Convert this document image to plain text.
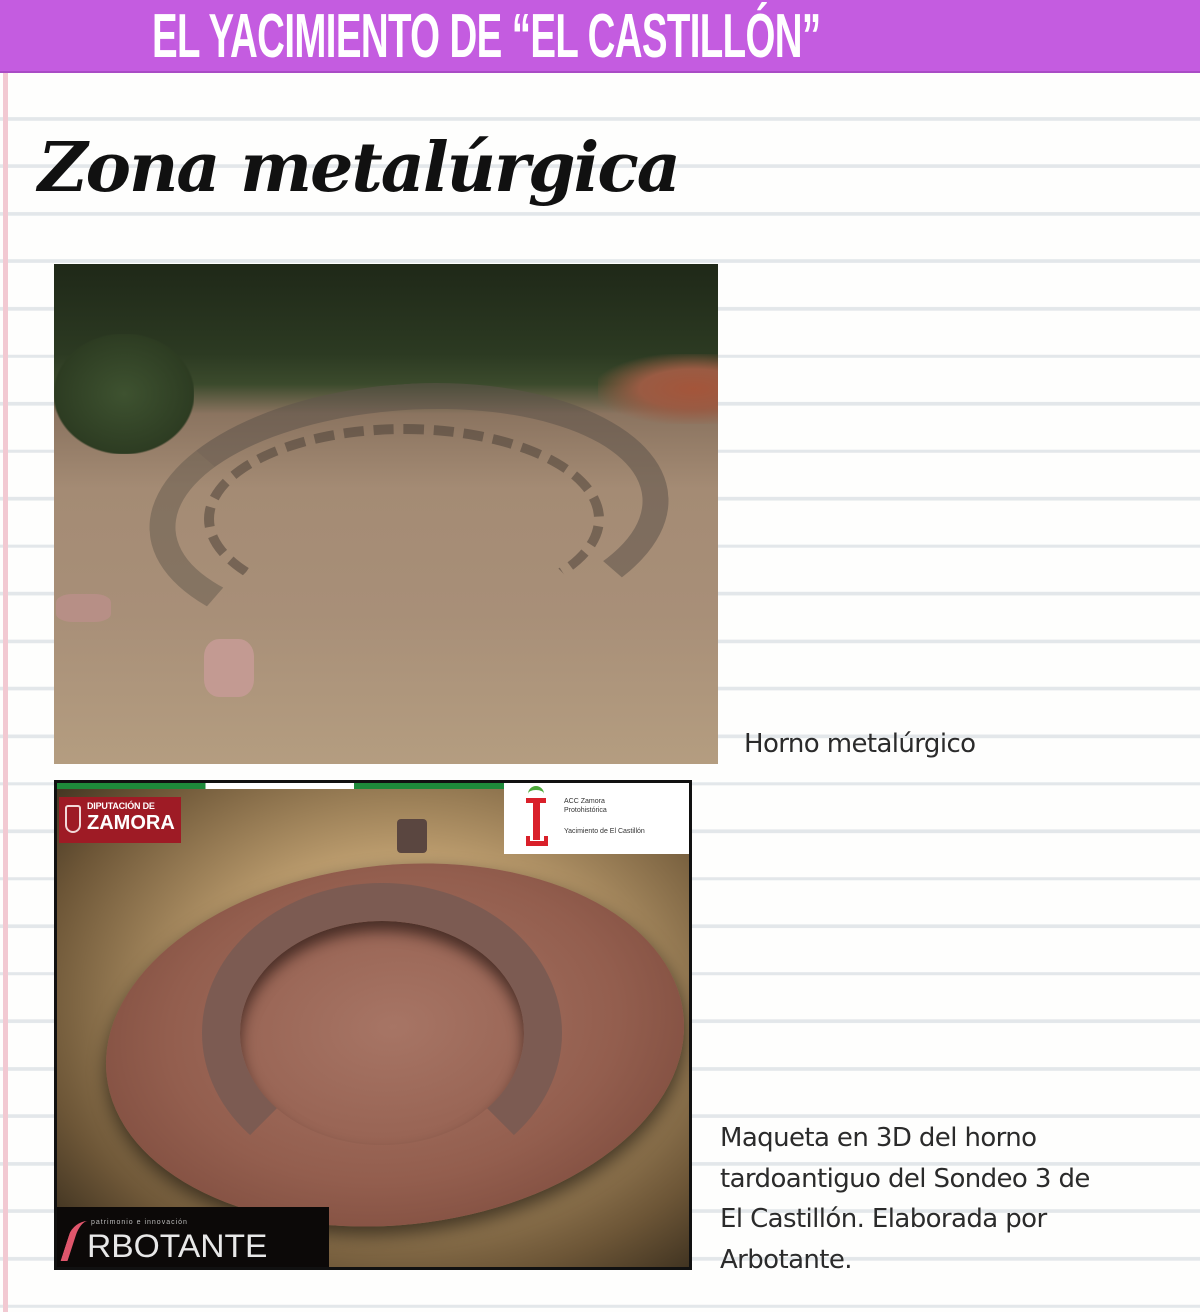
EL YACIMIENTO DE “EL CASTILLÓN”
Zona metalúrgica
Horno metalúrgico
DIPUTACIÓN DE
ZAMORA
ACC Zamora
Protohistórica
Yacimiento de El Castillón
patrimonio e innovación
RBOTANTE
Maqueta en 3D del horno
tardoantiguo del Sondeo 3 de
El Castillón. Elaborada por
Arbotante.
